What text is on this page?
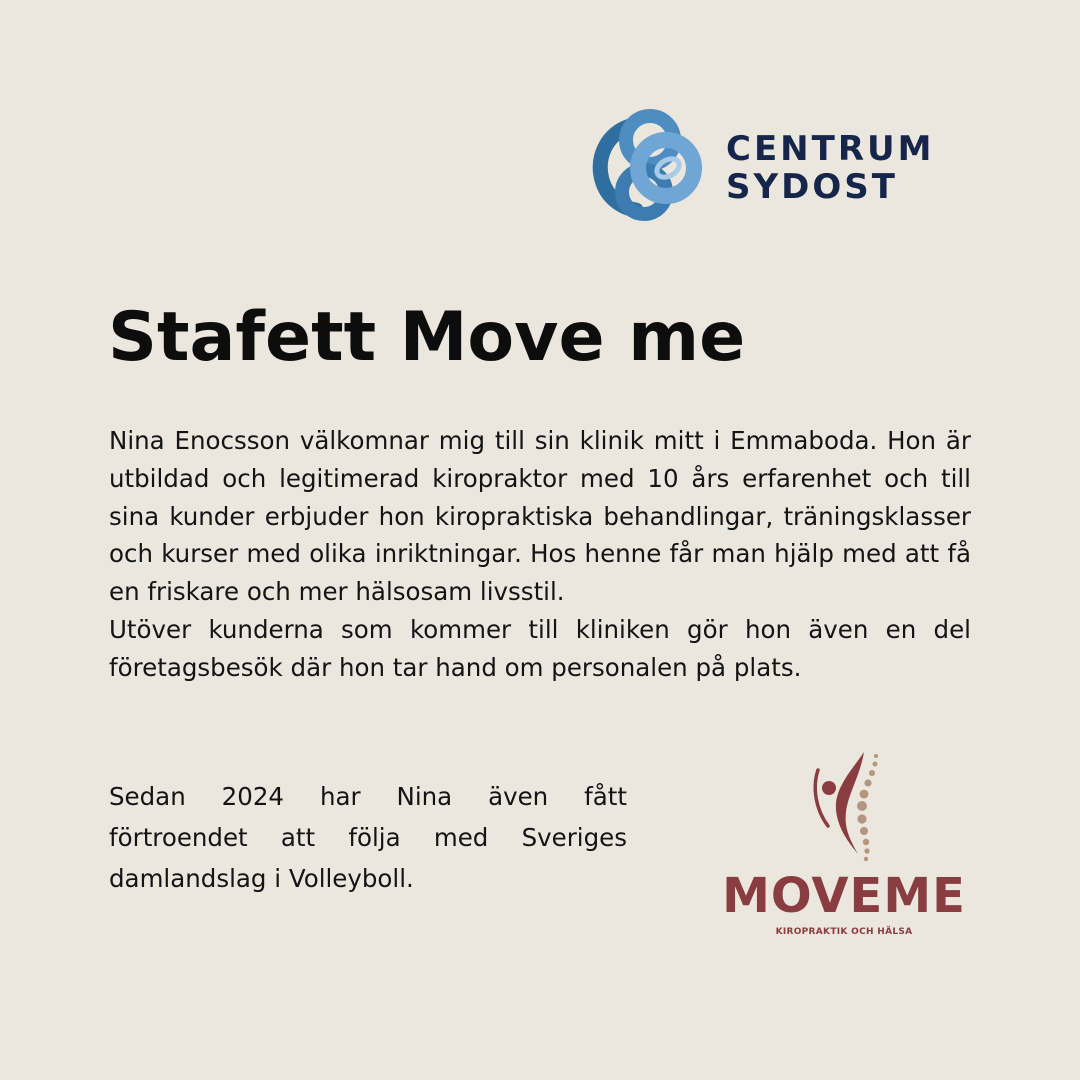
CENTRUM
SYDOST
Stafett Move me

Nina Enocsson välkomnar mig till sin klinik mitt i Emmaboda. Hon är utbildad och legitimerad kiropraktor med 10 års erfarenhet och till sina kunder erbjuder hon kiropraktiska behandlingar, träningsklasser och kurser med olika inriktningar. Hos henne får man hjälp med att få en friskare och mer hälsosam livsstil.

Utöver kunderna som kommer till kliniken gör hon även en del företagsbesök där hon tar hand om personalen på plats.

Sedan 2024 har Nina även fått förtroendet att följa med Sveriges damlandslag i Volleyboll.	MOVEME
KIROPRAKTIK OCH HÄLSA
